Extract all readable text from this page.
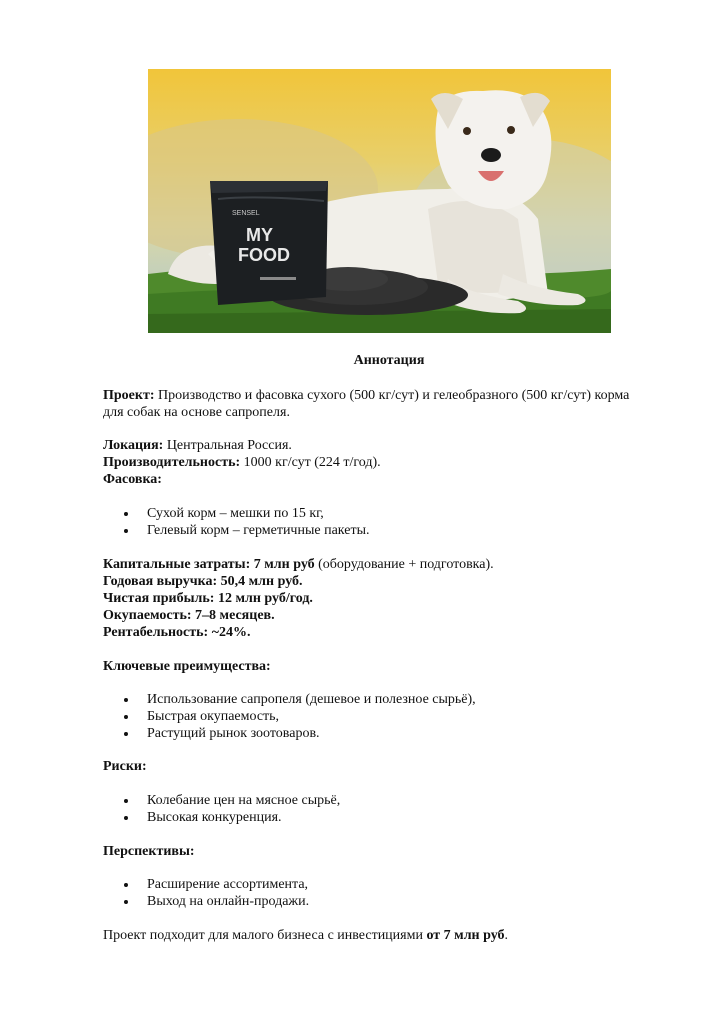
SENSEL
MY
FOOD
Аннотация
Проект: Производство и фасовка сухого (500 кг/сут) и гелеобразного (500 кг/сут) корма
для собак на основе сапропеля.
Локация: Центральная Россия.
Производительность: 1000 кг/сут (224 т/год).
Фасовка:
Сухой корм – мешки по 15 кг,
Гелевый корм – герметичные пакеты.
Капитальные затраты: 7 млн руб (оборудование + подготовка).
Годовая выручка: 50,4 млн руб.
Чистая прибыль: 12 млн руб/год.
Окупаемость: 7–8 месяцев.
Рентабельность: ~24%.
Ключевые преимущества:
Использование сапропеля (дешевое и полезное сырьё),
Быстрая окупаемость,
Растущий рынок зоотоваров.
Риски:
Колебание цен на мясное сырьё,
Высокая конкуренция.
Перспективы:
Расширение ассортимента,
Выход на онлайн-продажи.
Проект подходит для малого бизнеса с инвестициями от 7 млн руб.
